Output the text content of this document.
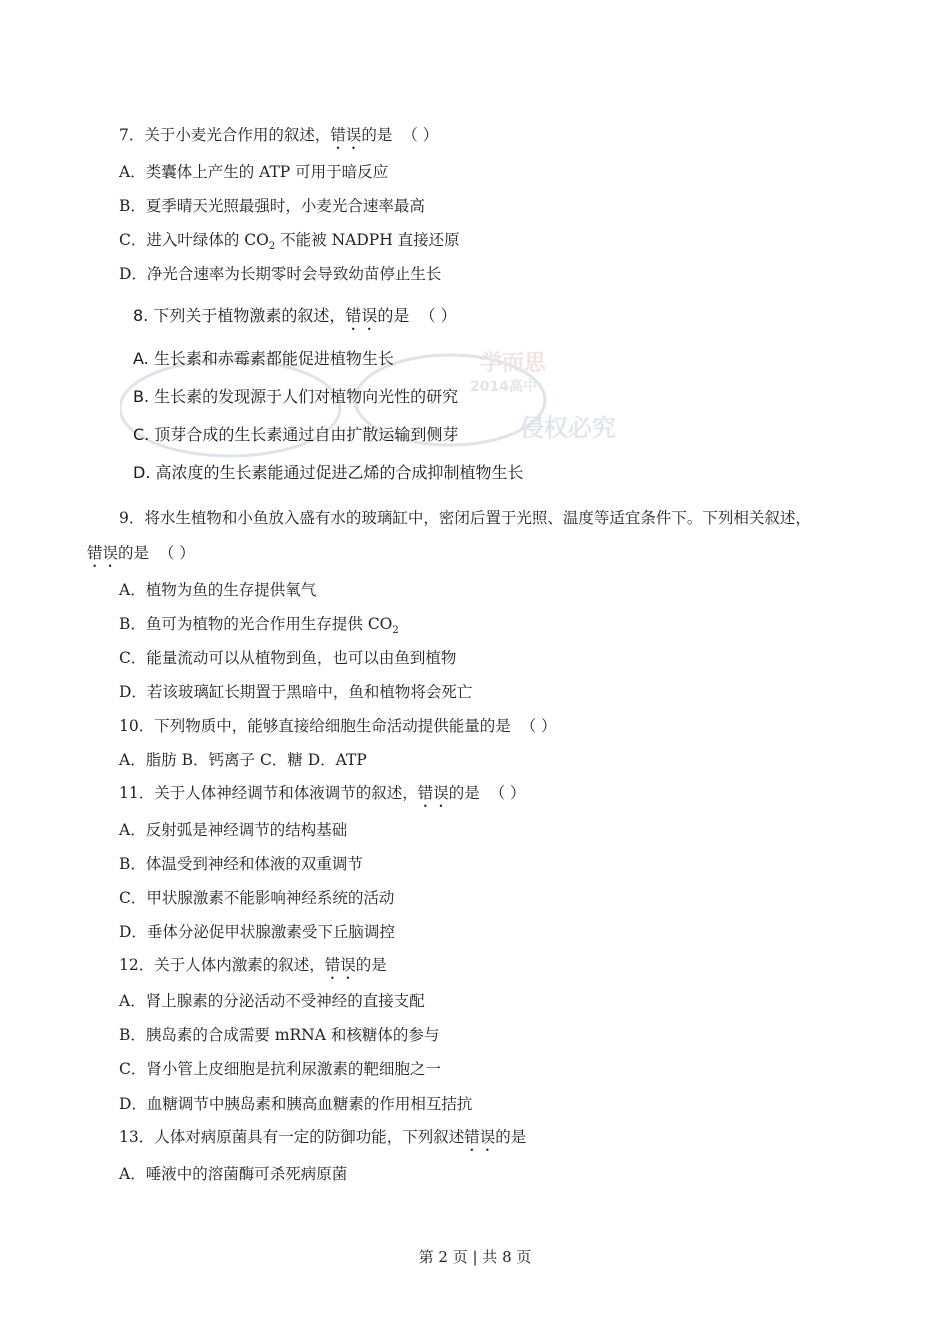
7．关于小麦光合作用的叙述，错误的是 （ ）
A．类囊体上产生的 ATP 可用于暗反应
B．夏季晴天光照最强时，小麦光合速率最高
C．进入叶绿体的 $CO_2$ 不能被 NADPH 直接还原
D．净光合速率为长期零时会导致幼苗停止生长
学而思
2014高中
侵权必究
8. 下列关于植物激素的叙述，错误的是 （ ）
A. 生长素和赤霉素都能促进植物生长
B. 生长素的发现源于人们对植物向光性的研究
C. 顶芽合成的生长素通过自由扩散运输到侧芽
D. 高浓度的生长素能通过促进乙烯的合成抑制植物生长
9．将水生植物和小鱼放入盛有水的玻璃缸中，密闭后置于光照、温度等适宜条件下。下列相关叙述，
错误的是 （ ）
A．植物为鱼的生存提供氧气
B．鱼可为植物的光合作用生存提供 $CO_2$
C．能量流动可以从植物到鱼，也可以由鱼到植物
D．若该玻璃缸长期置于黑暗中，鱼和植物将会死亡
10．下列物质中，能够直接给细胞生命活动提供能量的是 （ ）
A．脂肪 B．钙离子 C．糖 D．ATP
11．关于人体神经调节和体液调节的叙述，错误的是 （ ）
A．反射弧是神经调节的结构基础
B．体温受到神经和体液的双重调节
C．甲状腺激素不能影响神经系统的活动
D．垂体分泌促甲状腺激素受下丘脑调控
12．关于人体内激素的叙述，错误的是
A．肾上腺素的分泌活动不受神经的直接支配
B．胰岛素的合成需要 mRNA 和核糖体的参与
C．肾小管上皮细胞是抗利尿激素的靶细胞之一
D．血糖调节中胰岛素和胰高血糖素的作用相互拮抗
13．人体对病原菌具有一定的防御功能，下列叙述错误的是
A．唾液中的溶菌酶可杀死病原菌
第 2 页 | 共 8 页
